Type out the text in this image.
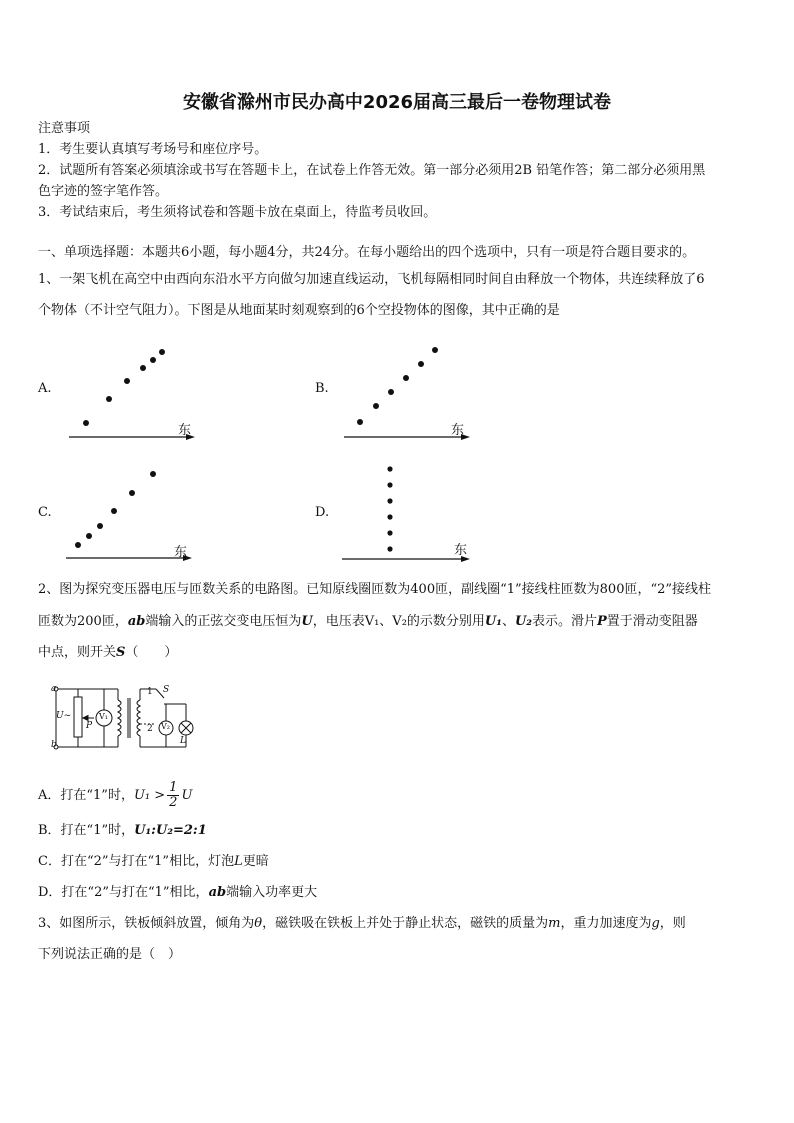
安徽省滁州市民办高中2026届高三最后一卷物理试卷
注意事项
1．考生要认真填写考场号和座位序号。
2．试题所有答案必须填涂或书写在答题卡上，在试卷上作答无效。第一部分必须用2B 铅笔作答；第二部分必须用黑
色字迹的签字笔作答。
3．考试结束后，考生须将试卷和答题卡放在桌面上，待监考员收回。
一、单项选择题：本题共6小题，每小题4分，共24分。在每小题给出的四个选项中，只有一项是符合题目要求的。
1、一架飞机在高空中由西向东沿水平方向做匀加速直线运动，飞机每隔相同时间自由释放一个物体，共连续释放了6
个物体（不计空气阻力）。下图是从地面某时刻观察到的6个空投物体的图像，其中正确的是
A.
东
B.
东
C.
东
D.
东
2、图为探究变压器电压与匝数关系的电路图。已知原线圈匝数为400匝，副线圈“1”接线柱匝数为800匝，“2”接线柱
匝数为200匝，ab端输入的正弦交变电压恒为U，电压表V₁、V₂的示数分别用U₁、U₂表示。滑片P置于滑动变阻器
中点，则开关S（　　）
a
b
U~
P
V₁
1
2
S
V₂
L
A．打在“1”时，$U_1 > \frac{1}{2}$ U
B．打在“1”时，U₁:U₂=2:1
C．打在“2”与打在“1”相比，灯泡L更暗
D．打在“2”与打在“1”相比，ab端输入功率更大
3、如图所示，铁板倾斜放置，倾角为θ，磁铁吸在铁板上并处于静止状态，磁铁的质量为m，重力加速度为g，则
下列说法正确的是（　）
